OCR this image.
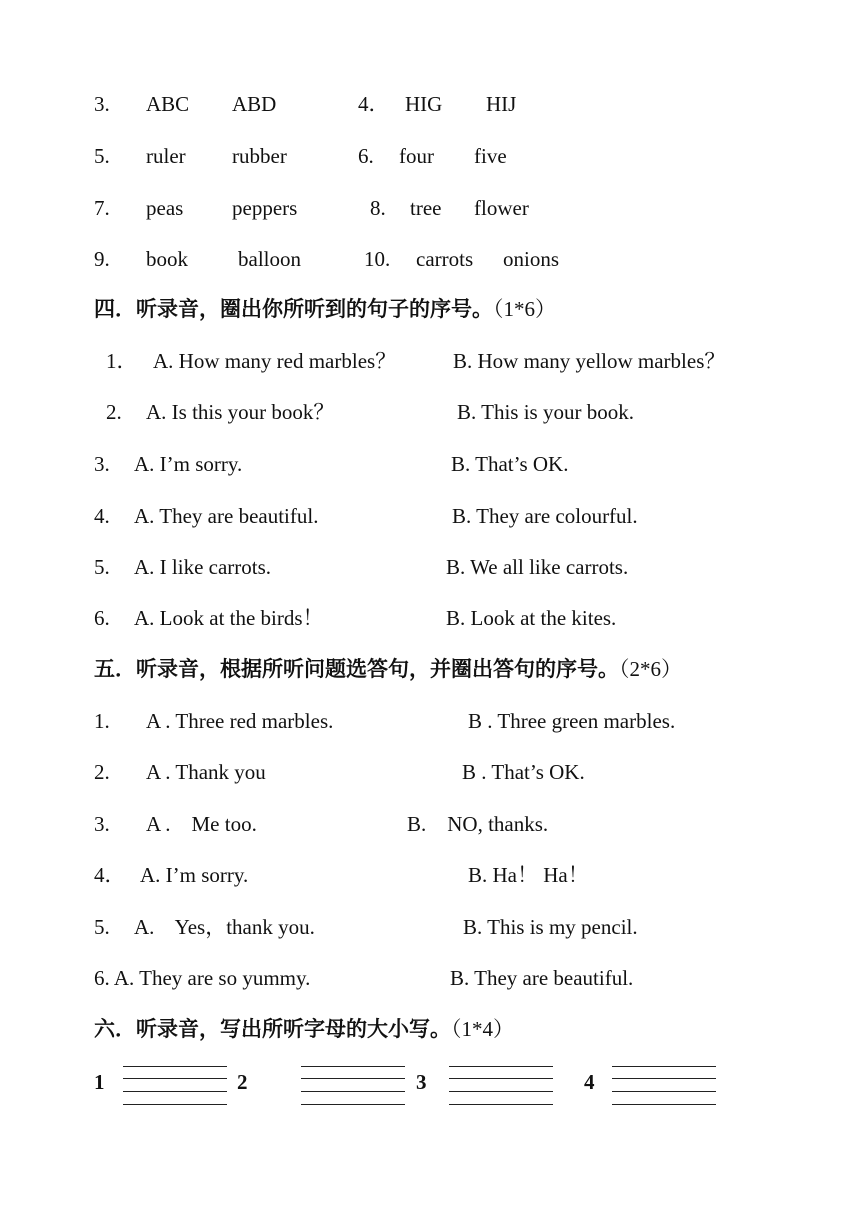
3. ABC ABD	4． HIG HIJ
5. ruler rubber	6. four five
7. peas peppers	8. tree flower
9. book balloon	10. carrots onions
四．听录音，圈出你所听到的句子的序号。（1*6）
1． A. How many red marbles？	B. How many yellow marbles？
2. A. Is this your book？	B. This is your book.
3. A. I’m sorry.	B. That’s OK.
4. A. They are beautiful.	B. They are colourful.
5. A. I like carrots.	B. We all like carrots.
6. A. Look at the birds！	B. Look at the kites.
五．听录音，根据所听问题选答句，并圈出答句的序号。（2*6）
1. A . Three red marbles.	B . Three green marbles.
2. A . Thank you	B . That’s OK.
3. A .    Me too.	B.    NO, thanks.
4． A. I’m sorry.	B. Ha！ Ha！
5. A.    Yes，thank you.	B. This is my pencil.
6. A. They are so yummy.	B. They are beautiful.
六．听录音，写出所听字母的大小写。（1*4）
1	2	3	4
